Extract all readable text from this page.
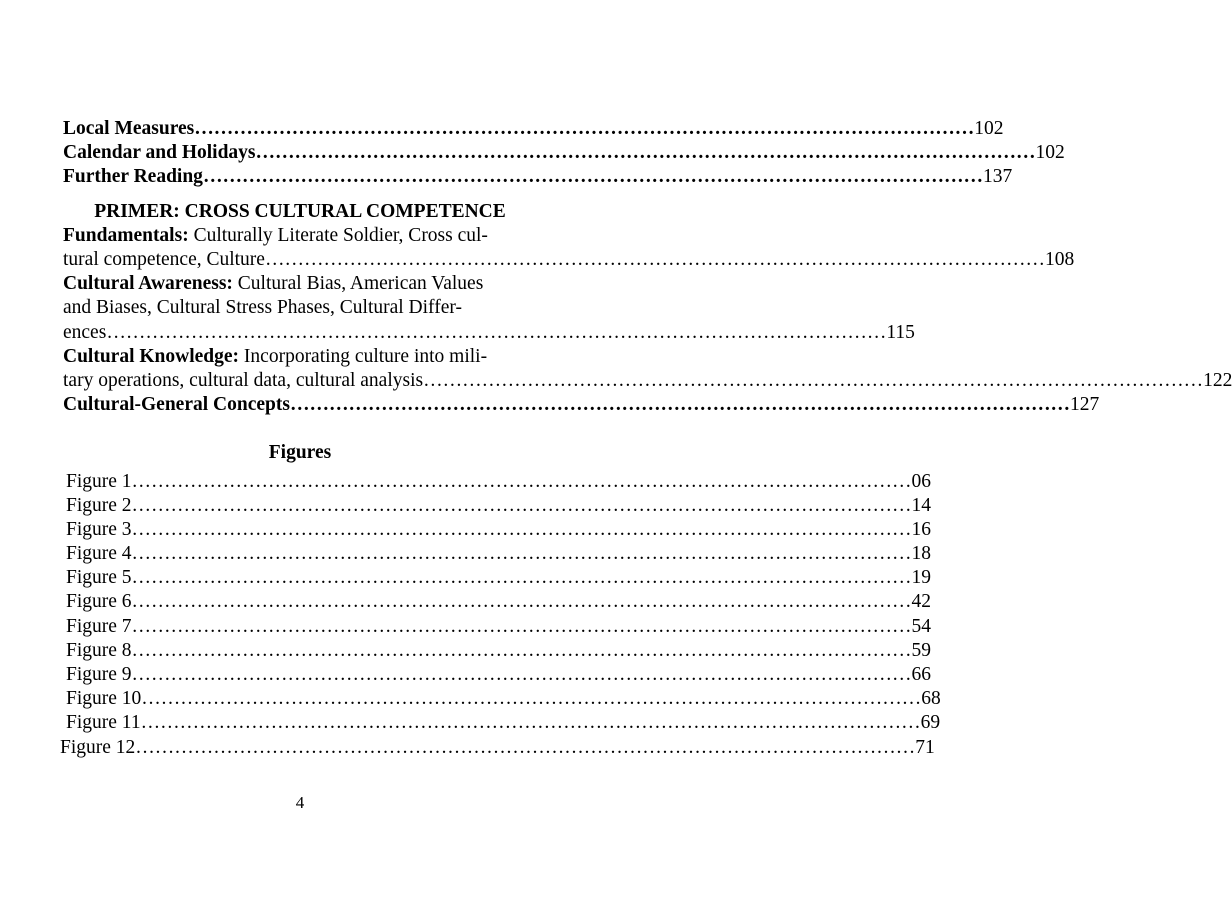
Local Measures …………………………………………………………………………………………………………	102
Calendar and Holidays …………………………………………………………………………………………………………	102
Further Reading …………………………………………………………………………………………………………	137
PRIMER: CROSS CULTURAL COMPETENCE
Fundamentals: Culturally Literate Soldier, Cross cul-
tural competence, Culture …………………………………………………………………………………………………………	108
Cultural Awareness: Cultural Bias, American Values
and Biases, Cultural Stress Phases, Cultural Differ-
ences …………………………………………………………………………………………………………	115
Cultural Knowledge: Incorporating culture into mili-
tary operations, cultural data, cultural analysis …………………………………………………………………………………………………………	122
Cultural-General Concepts …………………………………………………………………………………………………………	127
Figures
Figure 1 …………………………………………………………………………………………………………	06
Figure 2 …………………………………………………………………………………………………………	14
Figure 3 …………………………………………………………………………………………………………	16
Figure 4 …………………………………………………………………………………………………………	18
Figure 5 …………………………………………………………………………………………………………	19
Figure 6 …………………………………………………………………………………………………………	42
Figure 7 …………………………………………………………………………………………………………	54
Figure 8 …………………………………………………………………………………………………………	59
Figure 9 …………………………………………………………………………………………………………	66
Figure 10 …………………………………………………………………………………………………………	68
Figure 11 …………………………………………………………………………………………………………	69
Figure 12 …………………………………………………………………………………………………………	71
4
